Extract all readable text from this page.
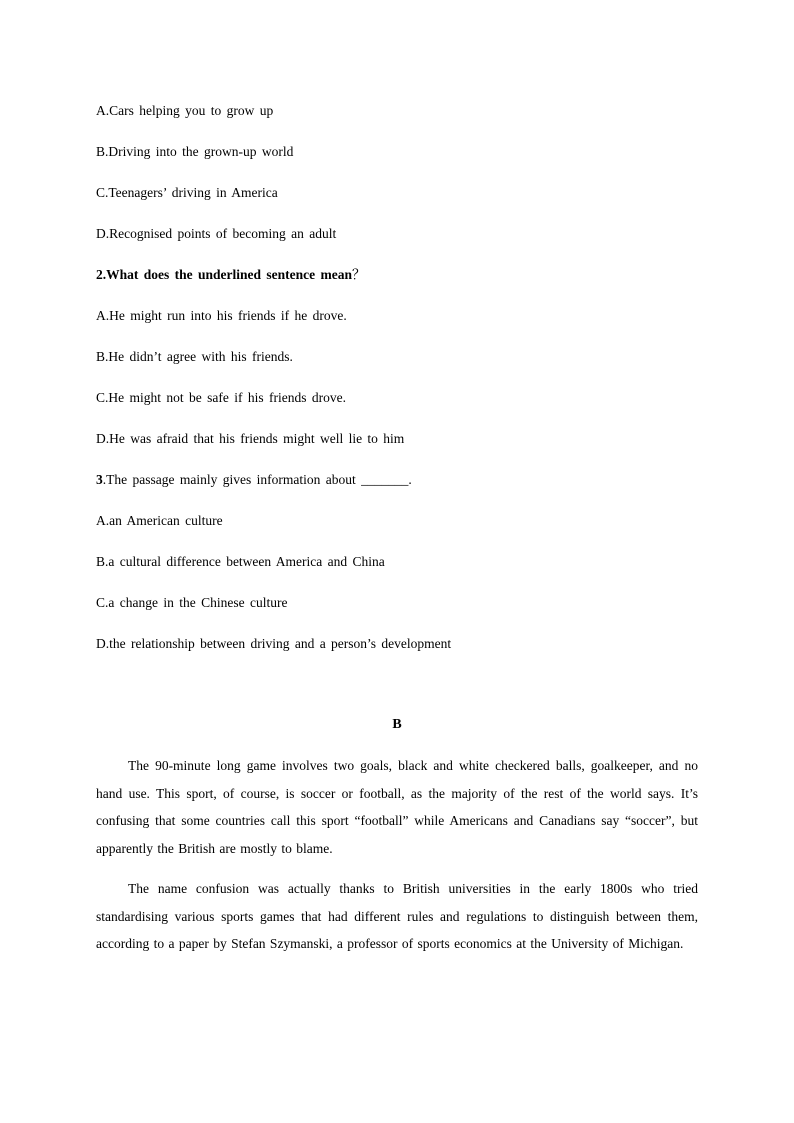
A.Cars helping you to grow up
B.Driving into the grown-up world
C.Teenagers’ driving in America
D.Recognised points of becoming an adult
2.What does the underlined sentence mean？
A.He might run into his friends if he drove.
B.He didn’t agree with his friends.
C.He might not be safe if his friends drove.
D.He was afraid that his friends might well lie to him
3.The passage mainly gives information about _______.
A.an American culture
B.a cultural difference between America and China
C.a change in the Chinese culture
D.the relationship between driving and a person’s development
B
The 90-minute long game involves two goals, black and white checkered balls, goalkeeper, and no hand use. This sport, of course, is soccer or football, as the majority of the rest of the world says. It’s confusing that some countries call this sport “football” while Americans and Canadians say “soccer”, but apparently the British are mostly to blame.
The name confusion was actually thanks to British universities in the early 1800s who tried standardising various sports games that had different rules and regulations to distinguish between them, according to a paper by Stefan Szymanski, a professor of sports economics at the University of Michigan.
